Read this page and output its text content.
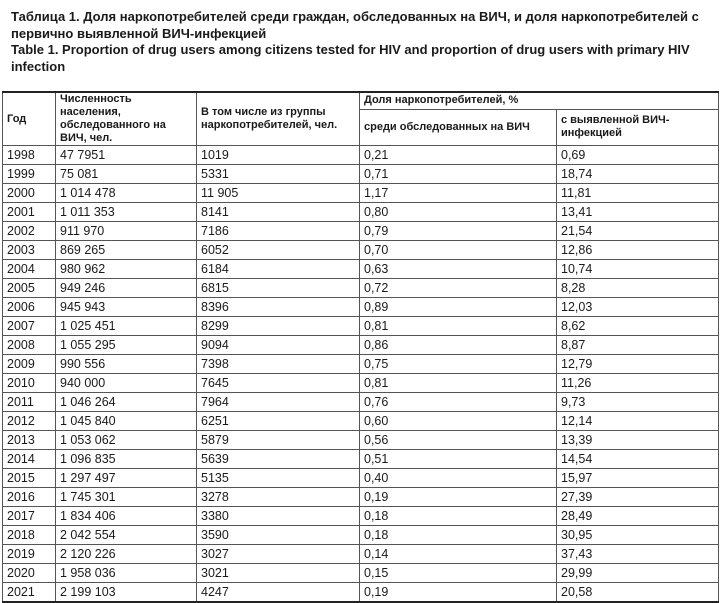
Таблица 1. Доля наркопотребителей среди граждан, обследованных на ВИЧ, и доля наркопотребителей с первично выявленной ВИЧ-инфекцией
Table 1. Proportion of drug users among citizens tested for HIV and proportion of drug users with primary HIV infection
Год	Численность населения, обследованного на ВИЧ, чел.	В том числе из группы наркопотребителей, чел.	Доля наркопотребителей, %	
			среди обследованных на ВИЧ	с выявленной ВИЧ-инфекцией
1998	47 7951	1019	0,21	0,69
1999	75 081	5331	0,71	18,74
2000	1 014 478	11 905	1,17	11,81
2001	1 011 353	8141	0,80	13,41
2002	911 970	7186	0,79	21,54
2003	869 265	6052	0,70	12,86
2004	980 962	6184	0,63	10,74
2005	949 246	6815	0,72	8,28
2006	945 943	8396	0,89	12,03
2007	1 025 451	8299	0,81	8,62
2008	1 055 295	9094	0,86	8,87
2009	990 556	7398	0,75	12,79
2010	940 000	7645	0,81	11,26
2011	1 046 264	7964	0,76	9,73
2012	1 045 840	6251	0,60	12,14
2013	1 053 062	5879	0,56	13,39
2014	1 096 835	5639	0,51	14,54
2015	1 297 497	5135	0,40	15,97
2016	1 745 301	3278	0,19	27,39
2017	1 834 406	3380	0,18	28,49
2018	2 042 554	3590	0,18	30,95
2019	2 120 226	3027	0,14	37,43
2020	1 958 036	3021	0,15	29,99
2021	2 199 103	4247	0,19	20,58
